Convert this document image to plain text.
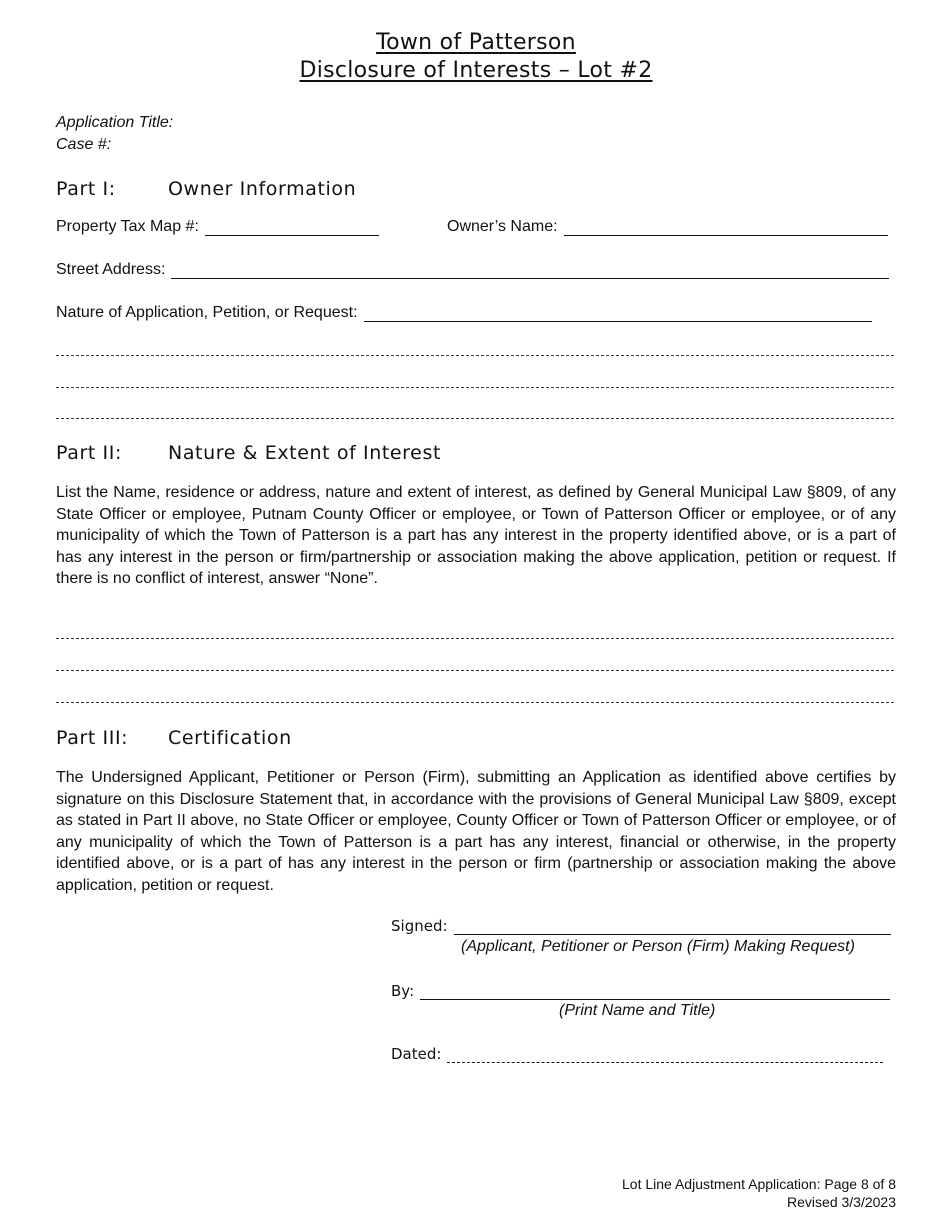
Town of Patterson
Disclosure of Interests – Lot #2
Application Title:
Case #:
Part I:	Owner Information
Property Tax Map #:	Owner’s Name:
Street Address:
Nature of Application, Petition, or Request:
Part II: Nature & Extent of Interest
List the Name, residence or address, nature and extent of interest, as defined by General Municipal Law §809, of any State Officer or employee, Putnam County Officer or employee, or Town of Patterson Officer or employee, or of any municipality of which the Town of Patterson is a part has any interest in the property identified above, or is a part of has any interest in the person or firm/partnership or association making the above application, petition or request. If there is no conflict of interest, answer “None”.
Part III: Certification
The Undersigned Applicant, Petitioner or Person (Firm), submitting an Application as identified above certifies by signature on this Disclosure Statement that, in accordance with the provisions of General Municipal Law §809, except as stated in Part II above, no State Officer or employee, County Officer or Town of Patterson Officer or employee, or of any municipality of which the Town of Patterson is a part has any interest, financial or otherwise, in the property identified above, or is a part of has any interest in the person or firm (partnership or association making the above application, petition or request.
Signed:
(Applicant, Petitioner or Person (Firm) Making Request)
By:
(Print Name and Title)
Dated:
Lot Line Adjustment Application: Page 8 of 8
Revised 3/3/2023
